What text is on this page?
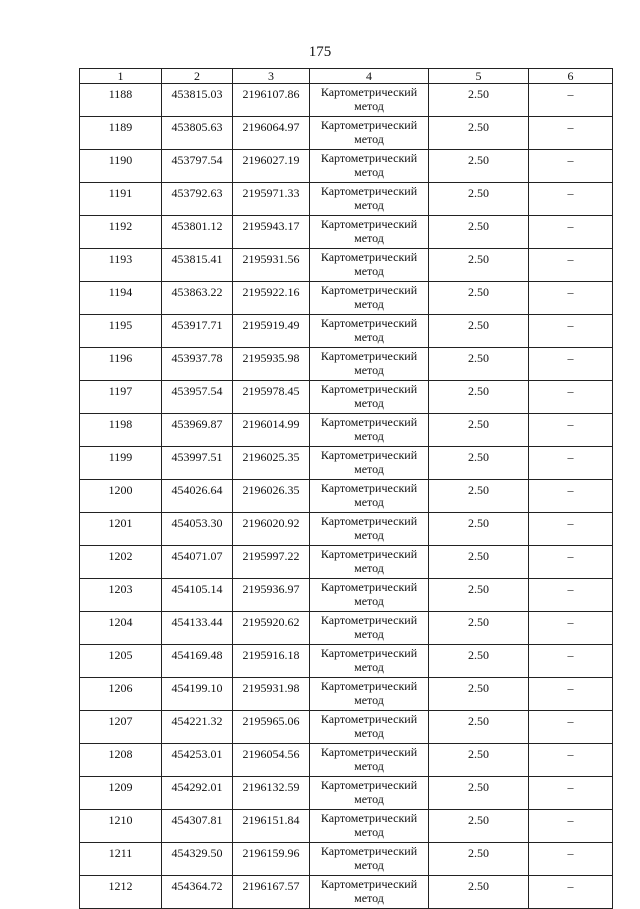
175
1	2	3	4	5	6
1188	453815.03	2196107.86	Картометрический метод	2.50	–
1189	453805.63	2196064.97	Картометрический метод	2.50	–
1190	453797.54	2196027.19	Картометрический метод	2.50	–
1191	453792.63	2195971.33	Картометрический метод	2.50	–
1192	453801.12	2195943.17	Картометрический метод	2.50	–
1193	453815.41	2195931.56	Картометрический метод	2.50	–
1194	453863.22	2195922.16	Картометрический метод	2.50	–
1195	453917.71	2195919.49	Картометрический метод	2.50	–
1196	453937.78	2195935.98	Картометрический метод	2.50	–
1197	453957.54	2195978.45	Картометрический метод	2.50	–
1198	453969.87	2196014.99	Картометрический метод	2.50	–
1199	453997.51	2196025.35	Картометрический метод	2.50	–
1200	454026.64	2196026.35	Картометрический метод	2.50	–
1201	454053.30	2196020.92	Картометрический метод	2.50	–
1202	454071.07	2195997.22	Картометрический метод	2.50	–
1203	454105.14	2195936.97	Картометрический метод	2.50	–
1204	454133.44	2195920.62	Картометрический метод	2.50	–
1205	454169.48	2195916.18	Картометрический метод	2.50	–
1206	454199.10	2195931.98	Картометрический метод	2.50	–
1207	454221.32	2195965.06	Картометрический метод	2.50	–
1208	454253.01	2196054.56	Картометрический метод	2.50	–
1209	454292.01	2196132.59	Картометрический метод	2.50	–
1210	454307.81	2196151.84	Картометрический метод	2.50	–
1211	454329.50	2196159.96	Картометрический метод	2.50	–
1212	454364.72	2196167.57	Картометрический метод	2.50	–
